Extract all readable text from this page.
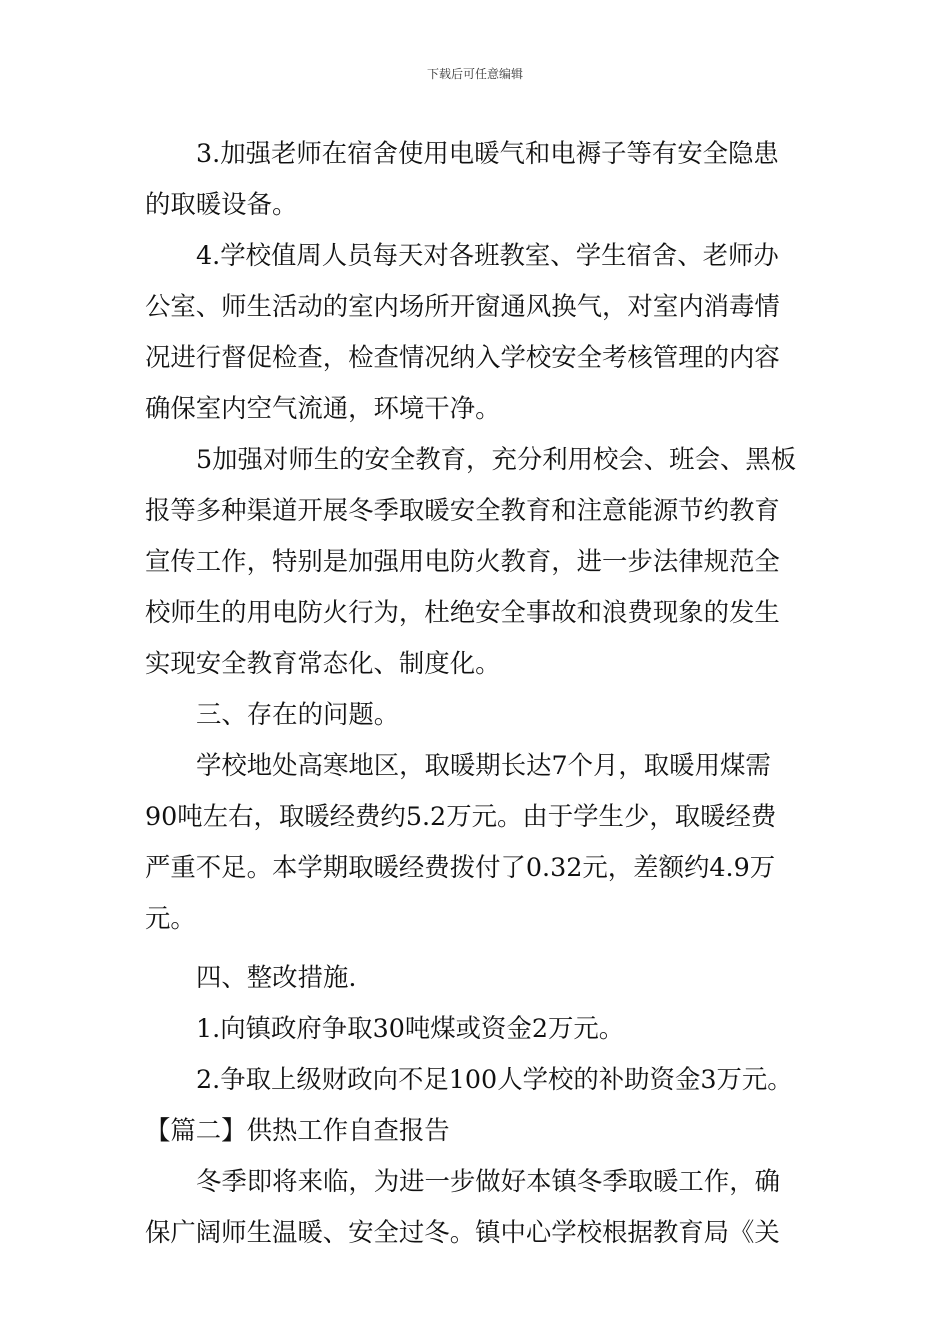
下载后可任意编辑
3.加强老师在宿舍使用电暖气和电褥子等有安全隐患
的取暖设备。
4.学校值周人员每天对各班教室、学生宿舍、老师办
公室、师生活动的室内场所开窗通风换气，对室内消毒情
况进行督促检查，检查情况纳入学校安全考核管理的内容
确保室内空气流通，环境干净。
5加强对师生的安全教育，充分利用校会、班会、黑板
报等多种渠道开展冬季取暖安全教育和注意能源节约教育
宣传工作，特别是加强用电防火教育，进一步法律规范全
校师生的用电防火行为，杜绝安全事故和浪费现象的发生
实现安全教育常态化、制度化。
三、存在的问题。
学校地处高寒地区，取暖期长达7个月，取暖用煤需
90吨左右，取暖经费约5.2万元。由于学生少，取暖经费
严重不足。本学期取暖经费拨付了0.32元，差额约4.9万
元。
四、整改措施.
1.向镇政府争取30吨煤或资金2万元。
2.争取上级财政向不足100人学校的补助资金3万元。
【篇二】供热工作自查报告
冬季即将来临，为进一步做好本镇冬季取暖工作，确
保广阔师生温暖、安全过冬。镇中心学校根据教育局《关
